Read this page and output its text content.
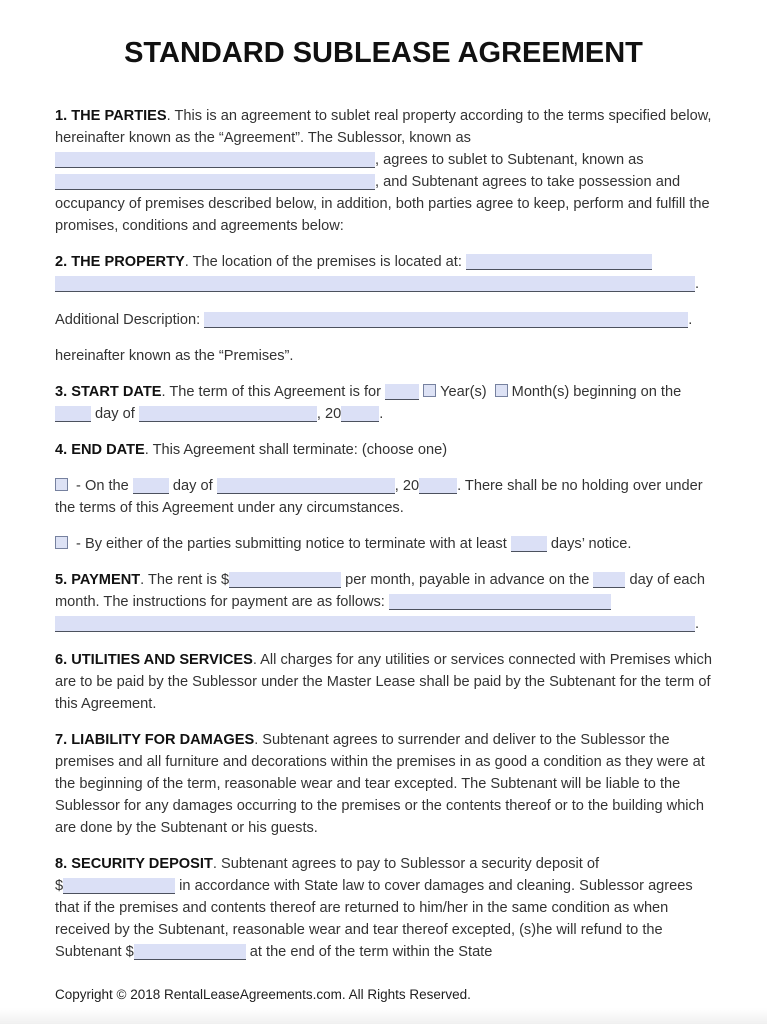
STANDARD SUBLEASE AGREEMENT

1. THE PARTIES. This is an agreement to sublet real property according to the terms specified below, hereinafter known as the “Agreement”. The Sublessor, known as , agrees to sublet to Subtenant, known as , and Subtenant agrees to take possession and occupancy of premises described below, in addition, both parties agree to keep, perform and fulfill the promises, conditions and agreements below:

2. THE PROPERTY. The location of the premises is located at: .

Additional Description:	.

hereinafter known as the “Premises”.

3. START DATE. The term of this Agreement is for	Year(s) Month(s) beginning on the  day of	, 20	.

4. END DATE. This Agreement shall terminate: (choose one)

- On the  day of	, 20	. There shall be no holding over under the terms of this Agreement under any circumstances.

- By either of the parties submitting notice to terminate with at least  days’ notice.

5. PAYMENT. The rent is $	per month, payable in advance on the  day of each month. The instructions for payment are as follows: .

6. UTILITIES AND SERVICES. All charges for any utilities or services connected with Premises which are to be paid by the Sublessor under the Master Lease shall be paid by the Subtenant for the term of this Agreement.

7. LIABILITY FOR DAMAGES. Subtenant agrees to surrender and deliver to the Sublessor the premises and all furniture and decorations within the premises in as good a condition as they were at the beginning of the term, reasonable wear and tear excepted. The Subtenant will be liable to the Sublessor for any damages occurring to the premises or the contents thereof or to the building which are done by the Subtenant or his guests.

8. SECURITY DEPOSIT. Subtenant agrees to pay to Sublessor a security deposit of $	in accordance with State law to cover damages and cleaning. Sublessor agrees that if the premises and contents thereof are returned to him/her in the same condition as when received by the Subtenant, reasonable wear and tear thereof excepted, (s)he will refund to the Subtenant $	at the end of the term within the State

Copyright © 2018 RentalLeaseAgreements.com. All Rights Reserved.
